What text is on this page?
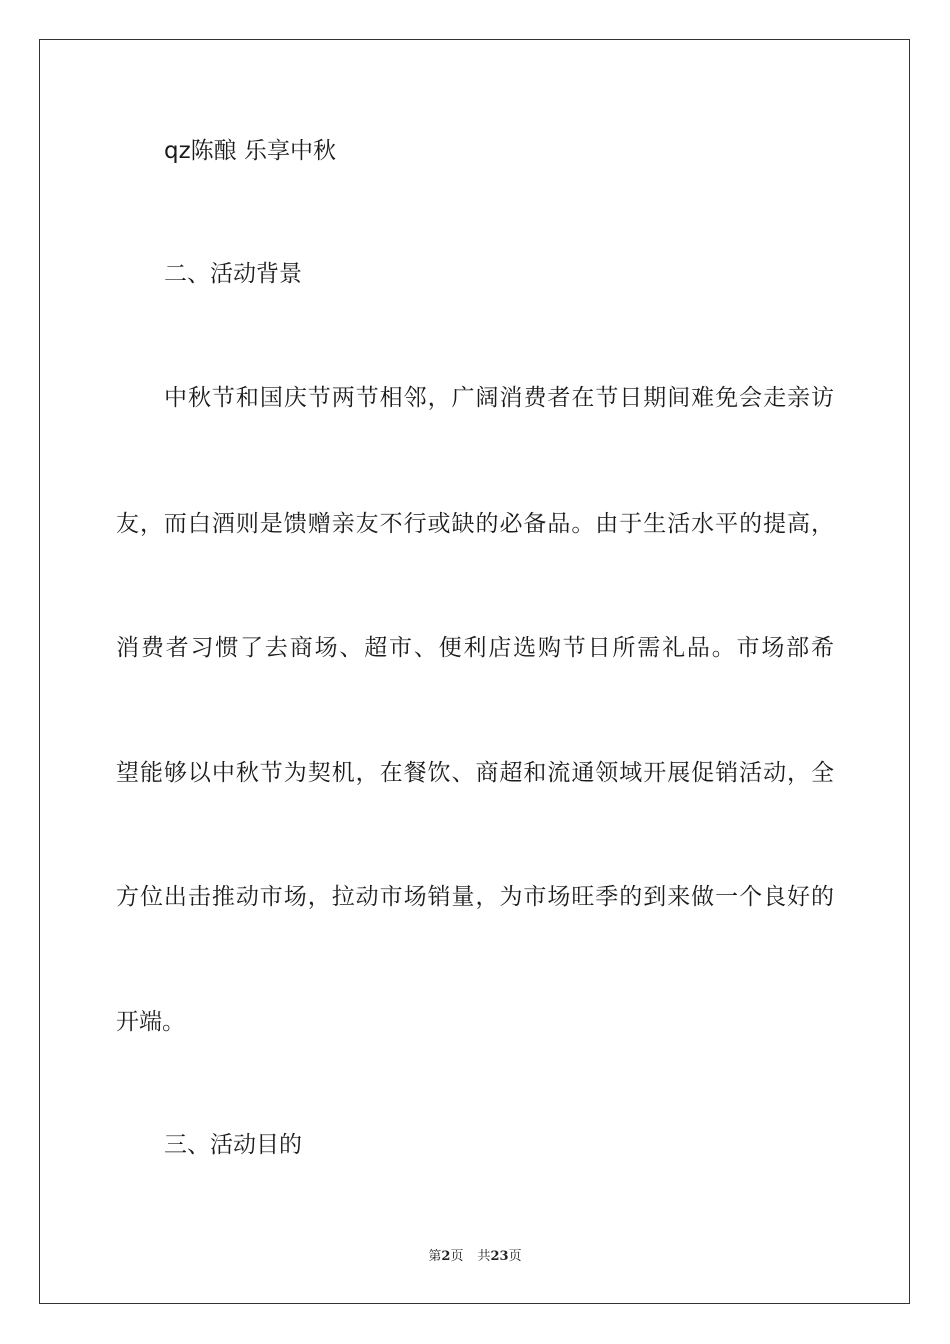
qz陈酿 乐享中秋
二、活动背景
中秋节和国庆节两节相邻，广阔消费者在节日期间难免会走亲访
友，而白酒则是馈赠亲友不行或缺的必备品。由于生活水平的提高，
消费者习惯了去商场、超市、便利店选购节日所需礼品。市场部希
望能够以中秋节为契机，在餐饮、商超和流通领域开展促销活动，全
方位出击推动市场，拉动市场销量，为市场旺季的到来做一个良好的
开端。
三、活动目的
第2页 共23页
